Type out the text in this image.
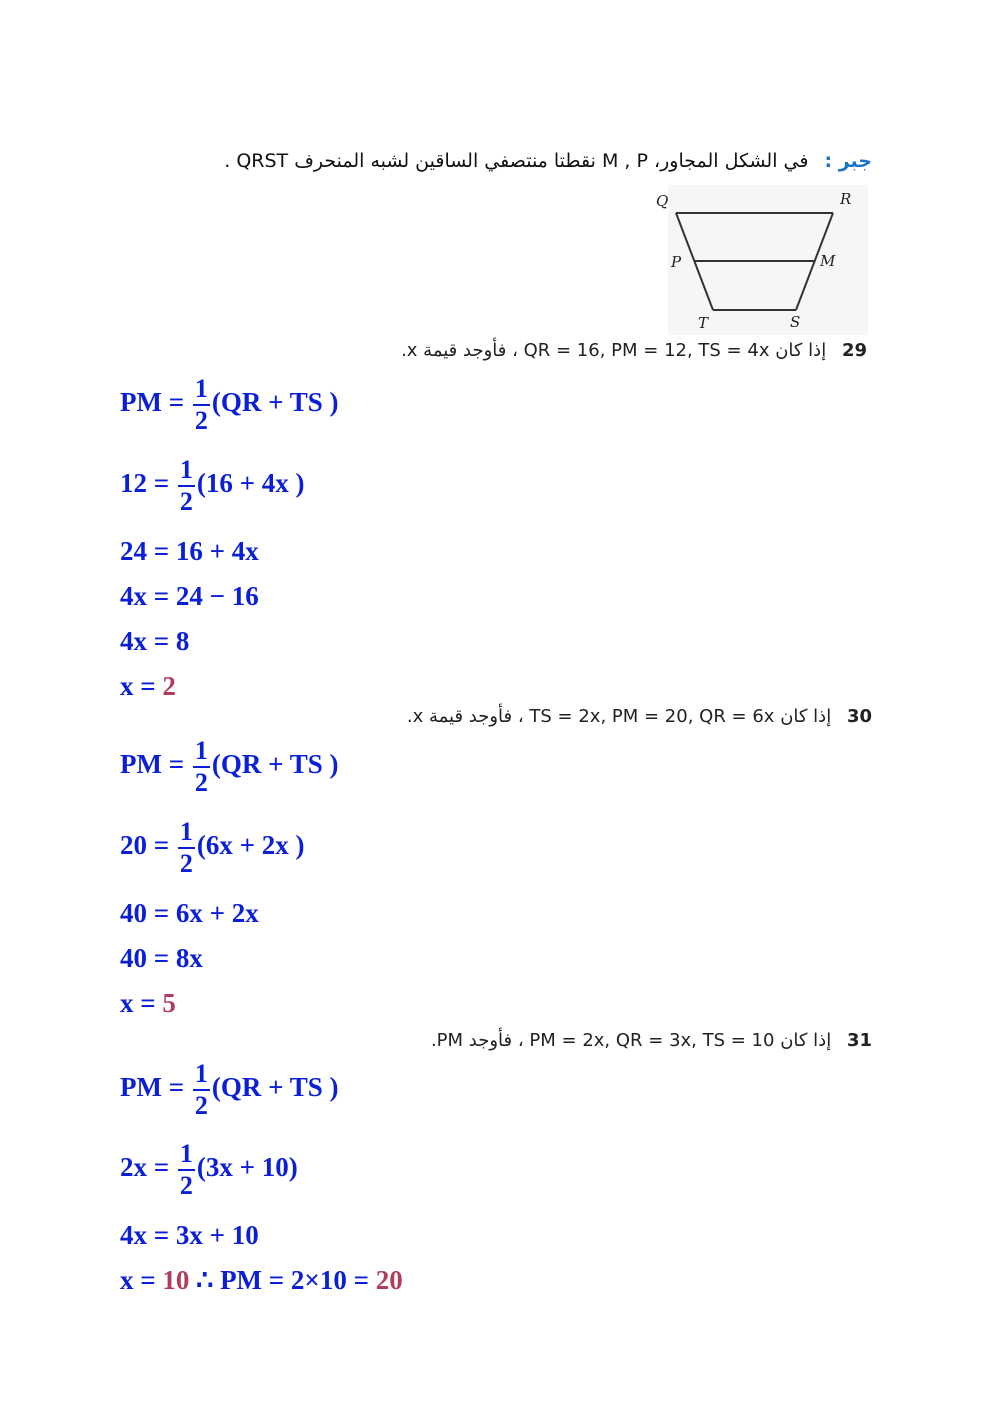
جبر : في الشكل المجاور، M , P نقطتا منتصفي الساقين لشبه المنحرف QRST .
Q	R
P	M
T	S
29 إذا كان QR = 16, PM = 12, TS = 4x ، فأوجد قيمة x.
PM = $\frac{1}{2} (QR$ + TS )
$12 = \frac{1}{2} (16 + 4x$ )
24 = 16 + 4x
4x = 24 − 16
4x = 8
x = 2
30 إذا كان TS = 2x, PM = 20, QR = 6x ، فأوجد قيمة x.
PM = $\frac{1}{2} (QR$ + TS )
$20 = \frac{1}{2} (6x + 2x$ )
40 = 6x + 2x
40 = 8x
x = 5
31 إذا كان PM = 2x, QR = 3x, TS = 10 ، فأوجد PM.
PM = $\frac{1}{2} (QR$ + TS )
$2x = \frac{1}{2} (3x + 10)$
4x = 3x + 10
x = 10 ∴ PM = 2×10 = 20
